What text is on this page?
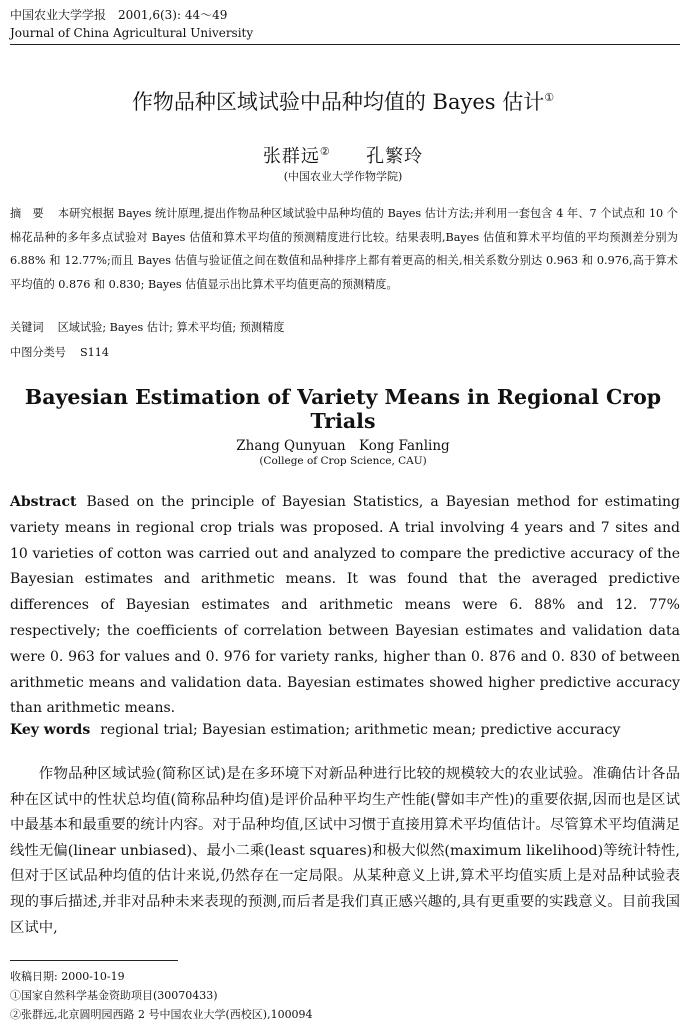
中国农业大学学报　2001,6(3): 44～49
Journal of China Agricultural University
作物品种区域试验中品种均值的 Bayes 估计①
张群远② 孔繁玲
(中国农业大学作物学院)
摘　要 本研究根据 Bayes 统计原理,提出作物品种区域试验中品种均值的 Bayes 估计方法;并利用一套包含 4 年、7 个试点和 10 个棉花品种的多年多点试验对 Bayes 估值和算术平均值的预测精度进行比较。结果表明,Bayes 估值和算术平均值的平均预测差分别为 6.88% 和 12.77%;而且 Bayes 估值与验证值之间在数值和品种排序上都有着更高的相关,相关系数分别达 0.963 和 0.976,高于算术平均值的 0.876 和 0.830; Bayes 估值显示出比算术平均值更高的预测精度。
关键词 区域试验; Bayes 估计; 算术平均值; 预测精度
中图分类号 S114
Bayesian Estimation of Variety Means in Regional Crop Trials
Zhang Qunyuan　Kong Fanling
(College of Crop Science, CAU)
Abstract Based on the principle of Bayesian Statistics, a Bayesian method for estimating variety means in regional crop trials was proposed. A trial involving 4 years and 7 sites and 10 varieties of cotton was carried out and analyzed to compare the predictive accuracy of the Bayesian estimates and arithmetic means. It was found that the averaged predictive differences of Bayesian estimates and arithmetic means were 6. 88% and 12. 77% respectively; the coefficients of correlation between Bayesian estimates and validation data were 0. 963 for values and 0. 976 for variety ranks, higher than 0. 876 and 0. 830 of between arithmetic means and validation data. Bayesian estimates showed higher predictive accuracy than arithmetic means.
Key words regional trial; Bayesian estimation; arithmetic mean; predictive accuracy
作物品种区域试验(简称区试)是在多环境下对新品种进行比较的规模较大的农业试验。准确估计各品种在区试中的性状总均值(简称品种均值)是评价品种平均生产性能(譬如丰产性)的重要依据,因而也是区试中最基本和最重要的统计内容。对于品种均值,区试中习惯于直接用算术平均值估计。尽管算术平均值满足线性无偏(linear unbiased)、最小二乘(least squares)和极大似然(maximum likelihood)等统计特性,但对于区试品种均值的估计来说,仍然存在一定局限。从某种意义上讲,算术平均值实质上是对品种试验表现的事后描述,并非对品种未来表现的预测,而后者是我们真正感兴趣的,具有更重要的实践意义。目前我国区试中,
收稿日期: 2000-10-19
①国家自然科学基金资助项目(30070433)
②张群远,北京圆明园西路 2 号中国农业大学(西校区),100094
